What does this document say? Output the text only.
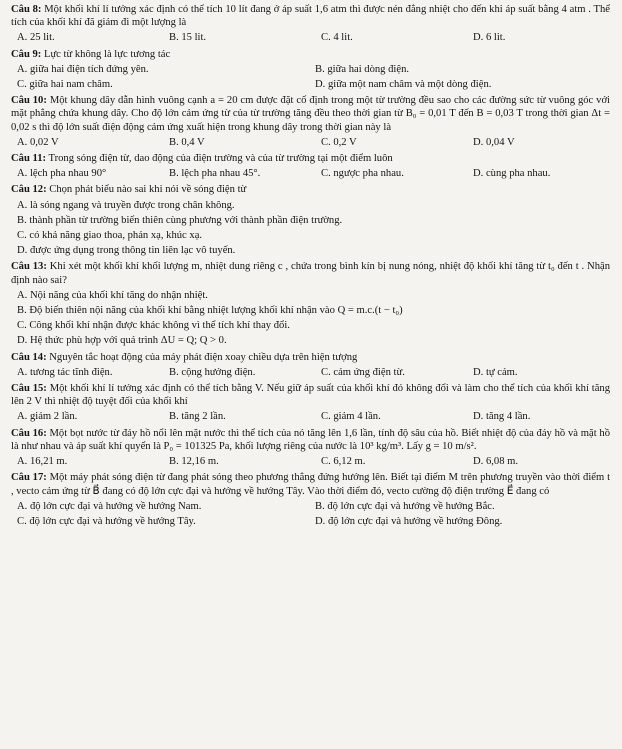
Câu 8: Một khối khí lí tưởng xác định có thể tích 10 lít đang ở áp suất 1,6 atm thì được nén đẳng nhiệt cho đến khi áp suất bằng 4 atm . Thể tích của khối khí đã giảm đi một lượng là
A. 25 lit.	B. 15 lit.	C. 4 lit.	D. 6 lit.
Câu 9: Lực từ không là lực tương tác
A. giữa hai điện tích đứng yên.	B. giữa hai dòng điện.
C. giữa hai nam châm.	D. giữa một nam châm và một dòng điện.
Câu 10: Một khung dây dẫn hình vuông cạnh a = 20 cm được đặt cố định trong một từ trường đều sao cho các đường sức từ vuông góc với mặt phẳng chứa khung dây. Cho độ lớn cảm ứng từ của từ trường tăng đều theo thời gian từ B₀ = 0,01 T đến B = 0,03 T trong thời gian Δt = 0,02 s thì độ lớn suất điện động cảm ứng xuất hiện trong khung dây trong thời gian này là
A. 0,02 V	B. 0,4 V	C. 0,2 V	D. 0,04 V
Câu 11: Trong sóng điện từ, dao động của điện trường và của từ trường tại một điểm luôn
A. lệch pha nhau 90°	B. lệch pha nhau 45°.	C. ngược pha nhau.	D. cùng pha nhau.
Câu 12: Chọn phát biểu nào sai khi nói về sóng điện từ
A. là sóng ngang và truyền được trong chân không.
B. thành phần từ trường biến thiên cùng phương với thành phần điện trường.
C. có khả năng giao thoa, phản xạ, khúc xạ.
D. được ứng dụng trong thông tin liên lạc vô tuyến.
Câu 13: Khi xét một khối khí khối lượng m, nhiệt dung riêng c , chứa trong bình kín bị nung nóng, nhiệt độ khối khí tăng từ t₀ đến t . Nhận định nào sai?
A. Nội năng của khối khí tăng do nhận nhiệt.
B. Độ biến thiên nội năng của khối khí bằng nhiệt lượng khối khí nhận vào Q = m.c.(t − t₀)
C. Công khối khí nhận được khác không vì thể tích khí thay đổi.
D. Hệ thức phù hợp với quá trình ΔU = Q; Q > 0.
Câu 14: Nguyên tắc hoạt động của máy phát điện xoay chiều dựa trên hiện tượng
A. tương tác tĩnh điện.	B. cộng hưởng điện.	C. cảm ứng điện từ.	D. tự cảm.
Câu 15: Một khối khí lí tưởng xác định có thể tích bằng V. Nếu giữ áp suất của khối khí đó không đổi và làm cho thể tích của khối khí tăng lên 2 V thì nhiệt độ tuyệt đối của khối khí
A. giảm 2 lần.	B. tăng 2 lần.	C. giảm 4 lần.	D. tăng 4 lần.
Câu 16: Một bọt nước từ đáy hồ nổi lên mặt nước thì thể tích của nó tăng lên 1,6 lần, tính độ sâu của hồ. Biết nhiệt độ của đáy hồ và mặt hồ là như nhau và áp suất khí quyển là P₀ = 101325 Pa, khối lượng riêng của nước là 10³ kg/m³. Lấy g = 10 m/s².
A. 16,21 m.	B. 12,16 m.	C. 6,12 m.	D. 6,08 m.
Câu 17: Một máy phát sóng điện từ đang phát sóng theo phương thẳng đứng hướng lên. Biết tại điểm M trên phương truyền vào thời điểm t , vecto cảm ứng từ B⃗ đang có độ lớn cực đại và hướng về hướng Tây. Vào thời điểm đó, vecto cường độ điện trường E⃗ đang có
A. độ lớn cực đại và hướng về hướng Nam.	B. độ lớn cực đại và hướng về hướng Bắc.
C. độ lớn cực đại và hướng về hướng Tây.	D. độ lớn cực đại và hướng về hướng Đông.
